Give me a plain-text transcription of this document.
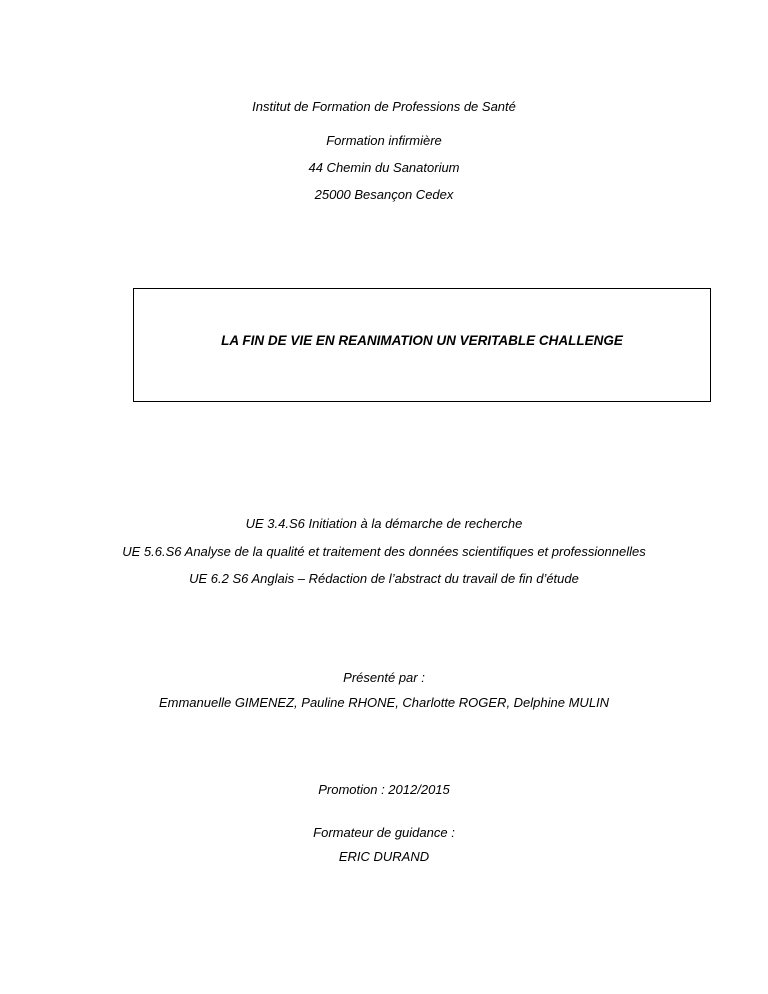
Institut de Formation de Professions de Santé
Formation infirmière
44 Chemin du Sanatorium
25000 Besançon Cedex
LA FIN DE VIE EN REANIMATION UN VERITABLE CHALLENGE
UE 3.4.S6 Initiation à la démarche de recherche
UE 5.6.S6 Analyse de la qualité et traitement des données scientifiques et professionnelles
UE 6.2 S6 Anglais – Rédaction de l’abstract du travail de fin d’étude
Présenté par :
Emmanuelle GIMENEZ, Pauline RHONE, Charlotte ROGER, Delphine MULIN
Promotion : 2012/2015
Formateur de guidance :
ERIC DURAND
